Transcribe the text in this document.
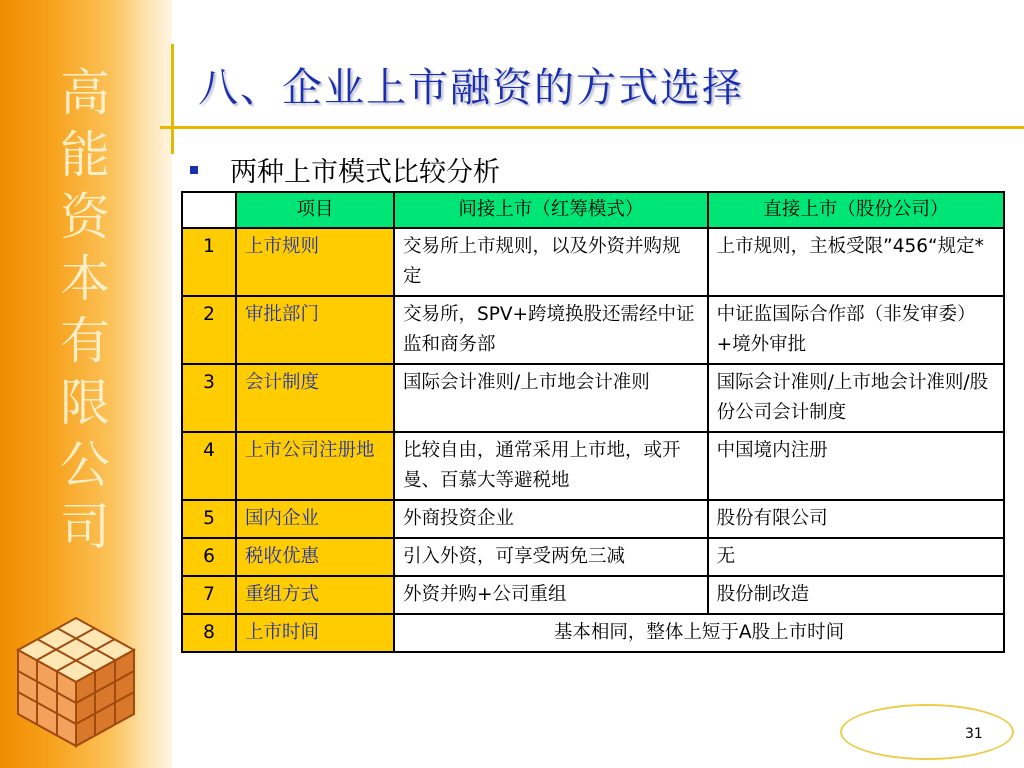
高
能
资
本
有
限
公
司
八、企业上市融资的方式选择
两种上市模式比较分析
	项目	间接上市（红筹模式）	直接上市（股份公司）
1	上市规则	交易所上市规则，以及外资并购规定	上市规则，主板受限”456“规定*
2	审批部门	交易所，SPV+跨境换股还需经中证监和商务部	中证监国际合作部（非发审委）+境外审批
3	会计制度	国际会计准则/上市地会计准则	国际会计准则/上市地会计准则/股份公司会计制度
4	上市公司注册地	比较自由，通常采用上市地，或开曼、百慕大等避税地	中国境内注册
5	国内企业	外商投资企业	股份有限公司
6	税收优惠	引入外资，可享受两免三减	无
7	重组方式	外资并购+公司重组	股份制改造
8	上市时间	基本相同，整体上短于A股上市时间	
31
